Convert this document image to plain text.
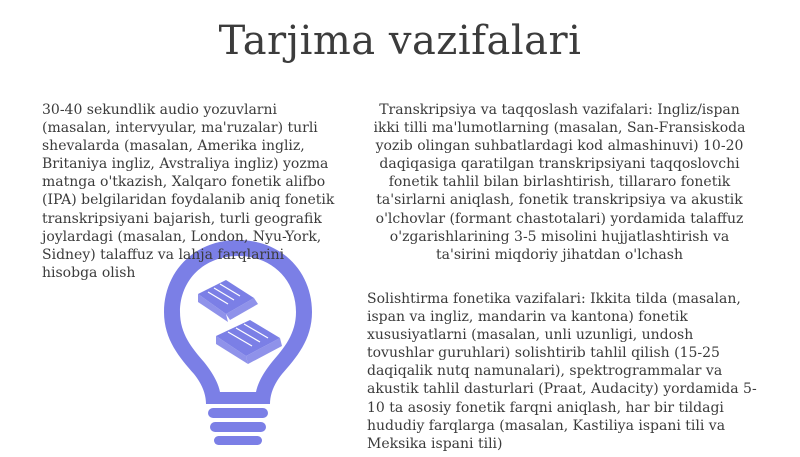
Tarjima vazifalari
30-40 sekundlik audio yozuvlarni (masalan, intervyular, ma'ruzalar) turli shevalarda (masalan, Amerika ingliz, Britaniya ingliz, Avstraliya ingliz) yozma matnga o'tkazish, Xalqaro fonetik alifbo (IPA) belgilaridan foydalanib aniq fonetik transkripsiyani bajarish, turli geografik joylardagi (masalan, London, Nyu-York, Sidney) talaffuz va lahja farqlarini hisobga olish
Transkripsiya va taqqoslash vazifalari: Ingliz/ispan ikki tilli ma'lumotlarning (masalan, San-Fransiskoda yozib olingan suhbatlardagi kod almashinuvi) 10-20 daqiqasiga qaratilgan transkripsiyani taqqoslovchi fonetik tahlil bilan birlashtirish, tillararo fonetik ta'sirlarni aniqlash, fonetik transkripsiya va akustik o'lchovlar (formant chastotalari) yordamida talaffuz o'zgarishlarining 3-5 misolini hujjatlashtirish va ta'sirini miqdoriy jihatdan o'lchash
Solishtirma fonetika vazifalari: Ikkita tilda (masalan, ispan va ingliz, mandarin va kantona) fonetik xususiyatlarni (masalan, unli uzunligi, undosh tovushlar guruhlari) solishtirib tahlil qilish (15-25 daqiqalik nutq namunalari), spektrogrammalar va akustik tahlil dasturlari (Praat, Audacity) yordamida 5-10 ta asosiy fonetik farqni aniqlash, har bir tildagi hududiy farqlarga (masalan, Kastiliya ispani tili va Meksika ispani tili)
